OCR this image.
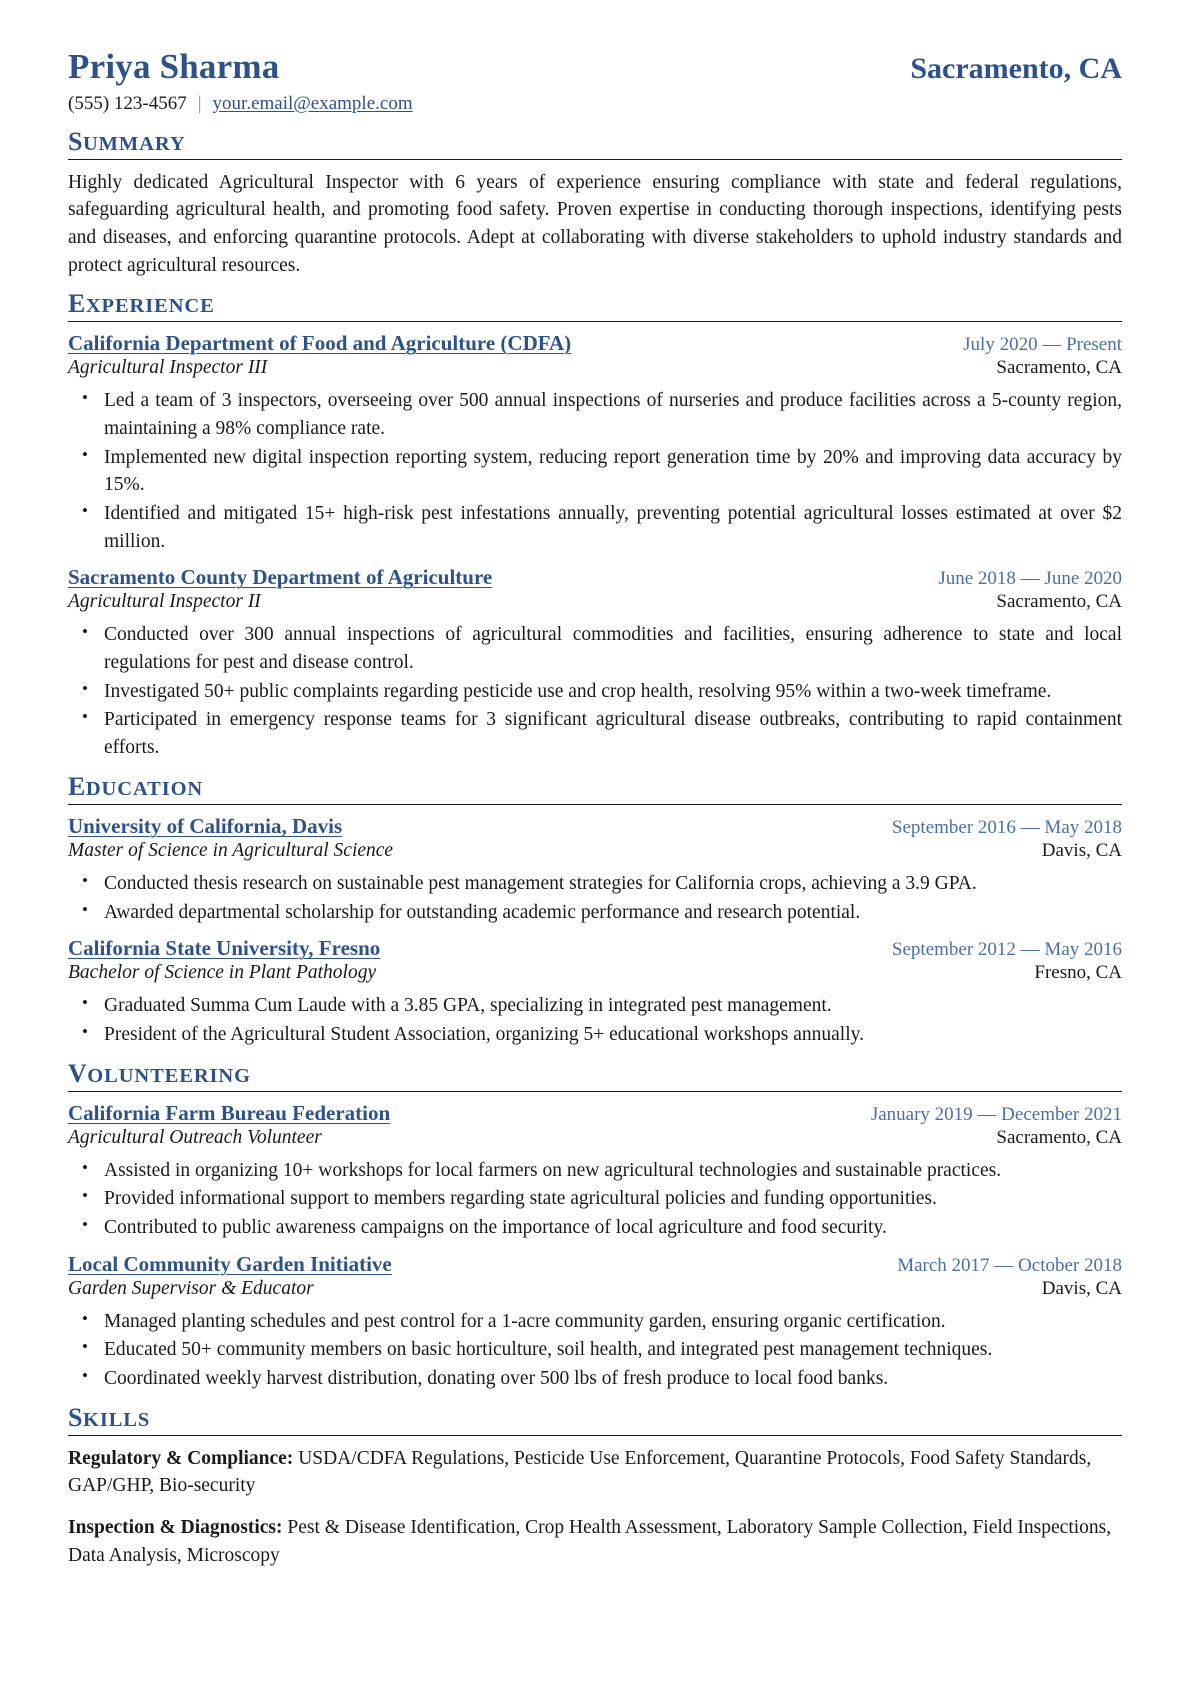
Priya Sharma	Sacramento, CA
(555) 123-4567 | your.email@example.com
SUMMARY

Highly dedicated Agricultural Inspector with 6 years of experience ensuring compliance with state and federal regulations, safeguarding agricultural health, and promoting food safety. Proven expertise in conducting thorough inspections, identifying pests and diseases, and enforcing quarantine protocols. Adept at collaborating with diverse stakeholders to uphold industry standards and protect agricultural resources.

EXPERIENCE
California Department of Food and Agriculture (CDFA)	July 2020 — Present
Agricultural Inspector III	Sacramento, CA
• Led a team of 3 inspectors, overseeing over 500 annual inspections of nurseries and produce facilities across a 5-county region, maintaining a 98% compliance rate.
• Implemented new digital inspection reporting system, reducing report generation time by 20% and improving data accuracy by 15%.
• Identified and mitigated 15+ high-risk pest infestations annually, preventing potential agricultural losses estimated at over $2 million.
Sacramento County Department of Agriculture	June 2018 — June 2020
Agricultural Inspector II	Sacramento, CA
• Conducted over 300 annual inspections of agricultural commodities and facilities, ensuring adherence to state and local regulations for pest and disease control.
• Investigated 50+ public complaints regarding pesticide use and crop health, resolving 95% within a two-week timeframe.
• Participated in emergency response teams for 3 significant agricultural disease outbreaks, contributing to rapid containment efforts.
EDUCATION
University of California, Davis	September 2016 — May 2018
Master of Science in Agricultural Science	Davis, CA
• Conducted thesis research on sustainable pest management strategies for California crops, achieving a 3.9 GPA.
• Awarded departmental scholarship for outstanding academic performance and research potential.
California State University, Fresno	September 2012 — May 2016
Bachelor of Science in Plant Pathology	Fresno, CA
• Graduated Summa Cum Laude with a 3.85 GPA, specializing in integrated pest management.
• President of the Agricultural Student Association, organizing 5+ educational workshops annually.
VOLUNTEERING
California Farm Bureau Federation	January 2019 — December 2021
Agricultural Outreach Volunteer	Sacramento, CA
• Assisted in organizing 10+ workshops for local farmers on new agricultural technologies and sustainable practices.
• Provided informational support to members regarding state agricultural policies and funding opportunities.
• Contributed to public awareness campaigns on the importance of local agriculture and food security.
Local Community Garden Initiative	March 2017 — October 2018
Garden Supervisor & Educator	Davis, CA
• Managed planting schedules and pest control for a 1-acre community garden, ensuring organic certification.
• Educated 50+ community members on basic horticulture, soil health, and integrated pest management techniques.
• Coordinated weekly harvest distribution, donating over 500 lbs of fresh produce to local food banks.
SKILLS

Regulatory & Compliance: USDA/CDFA Regulations, Pesticide Use Enforcement, Quarantine Protocols, Food Safety Standards, GAP/GHP, Bio-security

Inspection & Diagnostics: Pest & Disease Identification, Crop Health Assessment, Laboratory Sample Collection, Field Inspections, Data Analysis, Microscopy
